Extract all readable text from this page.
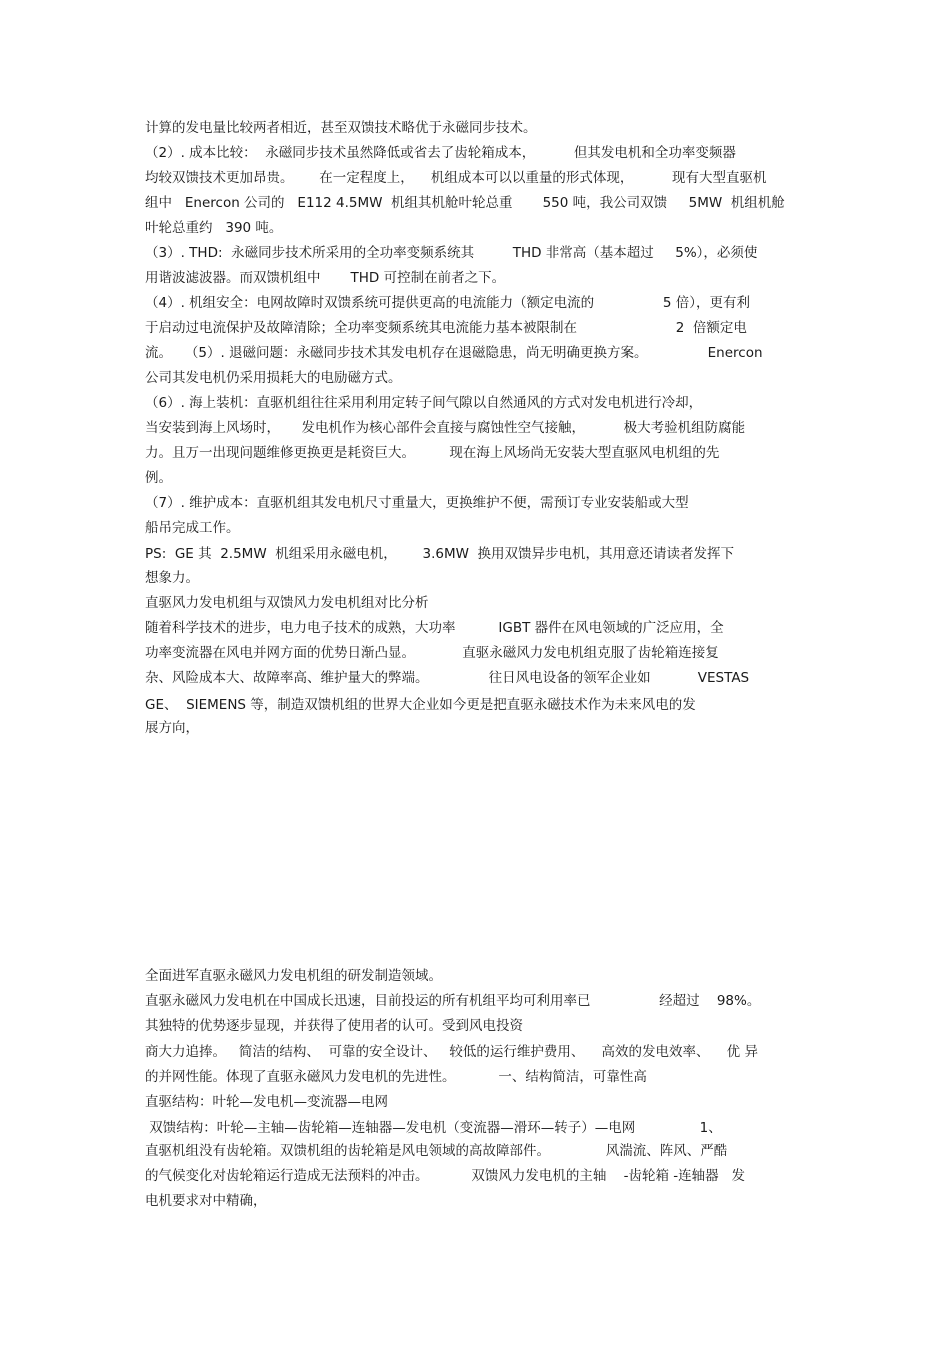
计算的发电量比较两者相近，甚至双馈技术略优于永磁同步技术。
（2）. 成本比较：  永磁同步技术虽然降低或省去了齿轮箱成本，         但其发电机和全功率变频器
均较双馈技术更加昂贵。      在一定程度上，    机组成本可以以重量的形式体现，         现有大型直驱机
组中   Enercon 公司的   E112 4.5MW  机组其机舱叶轮总重       550 吨，我公司双馈     5MW  机组机舱
叶轮总重约   390 吨。
（3）. THD:  永磁同步技术所采用的全功率变频系统其         THD 非常高（基本超过     5%），必须使
用谐波滤波器。而双馈机组中       THD 可控制在前者之下。
（4）. 机组安全：电网故障时双馈系统可提供更高的电流能力（额定电流的                5 倍），更有利
于启动过电流保护及故障清除；全功率变频系统其电流能力基本被限制在                       2  倍额定电
流。   （5）. 退磁问题：永磁同步技术其发电机存在退磁隐患，尚无明确更换方案。              Enercon
公司其发电机仍采用损耗大的电励磁方式。
（6）. 海上装机：直驱机组往往采用利用定转子间气隙以自然通风的方式对发电机进行冷却，
当安装到海上风场时，     发电机作为核心部件会直接与腐蚀性空气接触，         极大考验机组防腐能
力。且万一出现问题维修更换更是耗资巨大。        现在海上风场尚无安装大型直驱风电机组的先
例。
（7）. 维护成本：直驱机组其发电机尺寸重量大，更换维护不便，需预订专业安装船或大型
船吊完成工作。
PS:  GE 其  2.5MW  机组采用永磁电机，      3.6MW  换用双馈异步电机，其用意还请读者发挥下
想象力。
直驱风力发电机组与双馈风力发电机组对比分析
随着科学技术的进步，电力电子技术的成熟，大功率          IGBT 器件在风电领域的广泛应用，全
功率变流器在风电并网方面的优势日渐凸显。           直驱永磁风力发电机组克服了齿轮箱连接复
杂、风险成本大、故障率高、维护量大的弊端。              往日风电设备的领军企业如           VESTAS
GE、  SIEMENS 等，制造双馈机组的世界大企业如今更是把直驱永磁技术作为未来风电的发
展方向，
全面进军直驱永磁风力发电机组的研发制造领域。
直驱永磁风力发电机在中国成长迅速，目前投运的所有机组平均可利用率已                经超过    98%。
其独特的优势逐步显现，并获得了使用者的认可。受到风电投资
商大力追捧。   简洁的结构、  可靠的安全设计、   较低的运行维护费用、    高效的发电效率、    优 异
的并网性能。体现了直驱永磁风力发电机的先进性。          一、结构简洁，可靠性高
直驱结构：叶轮—发电机—变流器—电网
双馈结构：叶轮—主轴—齿轮箱—连轴器—发电机（变流器—滑环—转子）—电网               1、
直驱机组没有齿轮箱。双馈机组的齿轮箱是风电领域的高故障部件。             风湍流、阵风、严酷
的气候变化对齿轮箱运行造成无法预料的冲击。          双馈风力发电机的主轴    -齿轮箱 -连轴器   发
电机要求对中精确，
